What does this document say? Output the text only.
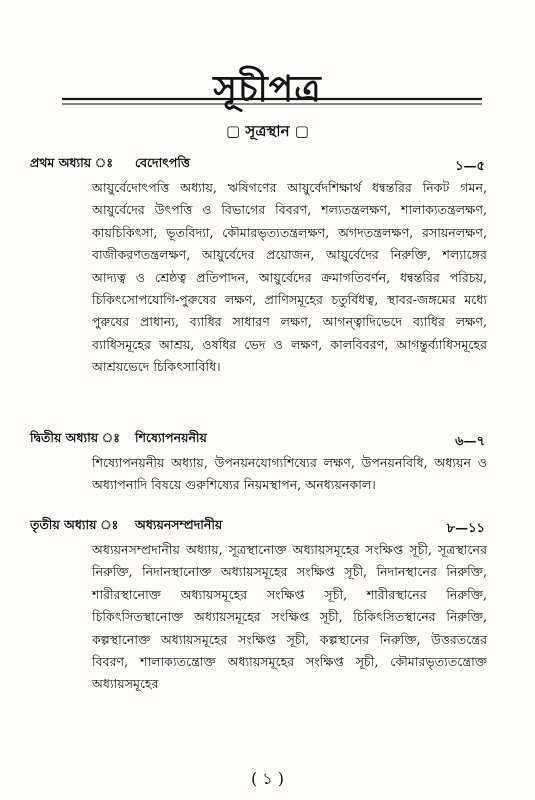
সূচীপত্র
▢ সূত্রস্থান ▢
প্রথম অধ্যায় ঃ বেদোৎপত্তি	১—৫
আয়ুর্বেদোৎপত্তি অধ্যায়, ঋষিগণের আয়ুর্বেদশিক্ষার্থ ধন্বন্তরির নিকট গমন, আয়ুর্বেদের উৎপত্তি ও বিভাগের বিবরণ, শল্যতন্ত্রলক্ষণ, শালাক্যতন্ত্রলক্ষণ, কায়চিকিৎসা, ভূতবিদ্যা, কৌমারভৃত্যতন্ত্রলক্ষণ, অগদতন্ত্রলক্ষণ, রসায়নলক্ষণ, বাজীকরণতন্ত্রলক্ষণ, আয়ুর্বেদের প্রয়োজন, আয়ুর্বেদের নিরুক্তি, শল্যাঙ্গের আদ্যত্ব ও শ্রেষ্ঠত্ব প্রতিপাদন, আয়ুর্বেদের ক্রমাগতিবর্ণন, ধন্বন্তরির পরিচয়, চিকিৎসোপযোগি-পুরুষের লক্ষণ, প্রাণিসমূহের চতুর্বিধত্ব, স্থাবর-জঙ্গমের মধ্যে পুরুষের প্রাধান্য, ব্যাধির সাধারণ লক্ষণ, আগন্ত্বাদিভেদে ব্যাধির লক্ষণ, ব্যাধিসমূহের আশ্রয়, ওষধির ভেদ ও লক্ষণ, কালবিবরণ, আগন্তুর্ব্যাধিসমূহের আশ্রয়ভেদে চিকিৎসাবিধি।
দ্বিতীয় অধ্যায় ঃ শিষ্যোপনয়নীয়	৬—৭
শিষ্যোপনয়নীয় অধ্যায়, উপনয়নযোগ্যশিষ্যের লক্ষণ, উপনয়নবিধি, অধ্যয়ন ও অধ্যাপনাদি বিষয়ে গুরুশিষ্যের নিয়মস্থাপন, অনধ্যয়নকাল।
তৃতীয় অধ্যায় ঃ অধ্যয়নসম্প্রদানীয়	৮—১১
অধ্যয়নসম্প্রদানীয় অধ্যায়, সূত্রস্থানোক্ত অধ্যায়সমূহের সংক্ষিপ্ত সূচী, সূত্রস্থানের নিরুক্তি, নিদানস্থানোক্ত অধ্যায়সমূহের সংক্ষিপ্ত সূচী, নিদানস্থানের নিরুক্তি, শারীরস্থানোক্ত অধ্যায়সমূহের সংক্ষিপ্ত সূচী, শারীরস্থানের নিরুক্তি, চিকিৎসিতস্থানোক্ত অধ্যায়সমূহের সংক্ষিপ্ত সূচী, চিকিৎসিতস্থানের নিরুক্তি, কল্পস্থানোক্ত অধ্যায়সমূহের সংক্ষিপ্ত সূচী, কল্পস্থানের নিরুক্তি, উত্তরতন্ত্রের বিবরণ, শালাক্যতন্ত্রোক্ত অধ্যায়সমূহের সংক্ষিপ্ত সূচী, কৌমারভৃত্যতন্ত্রোক্ত অধ্যায়সমূহের
( ১ )
